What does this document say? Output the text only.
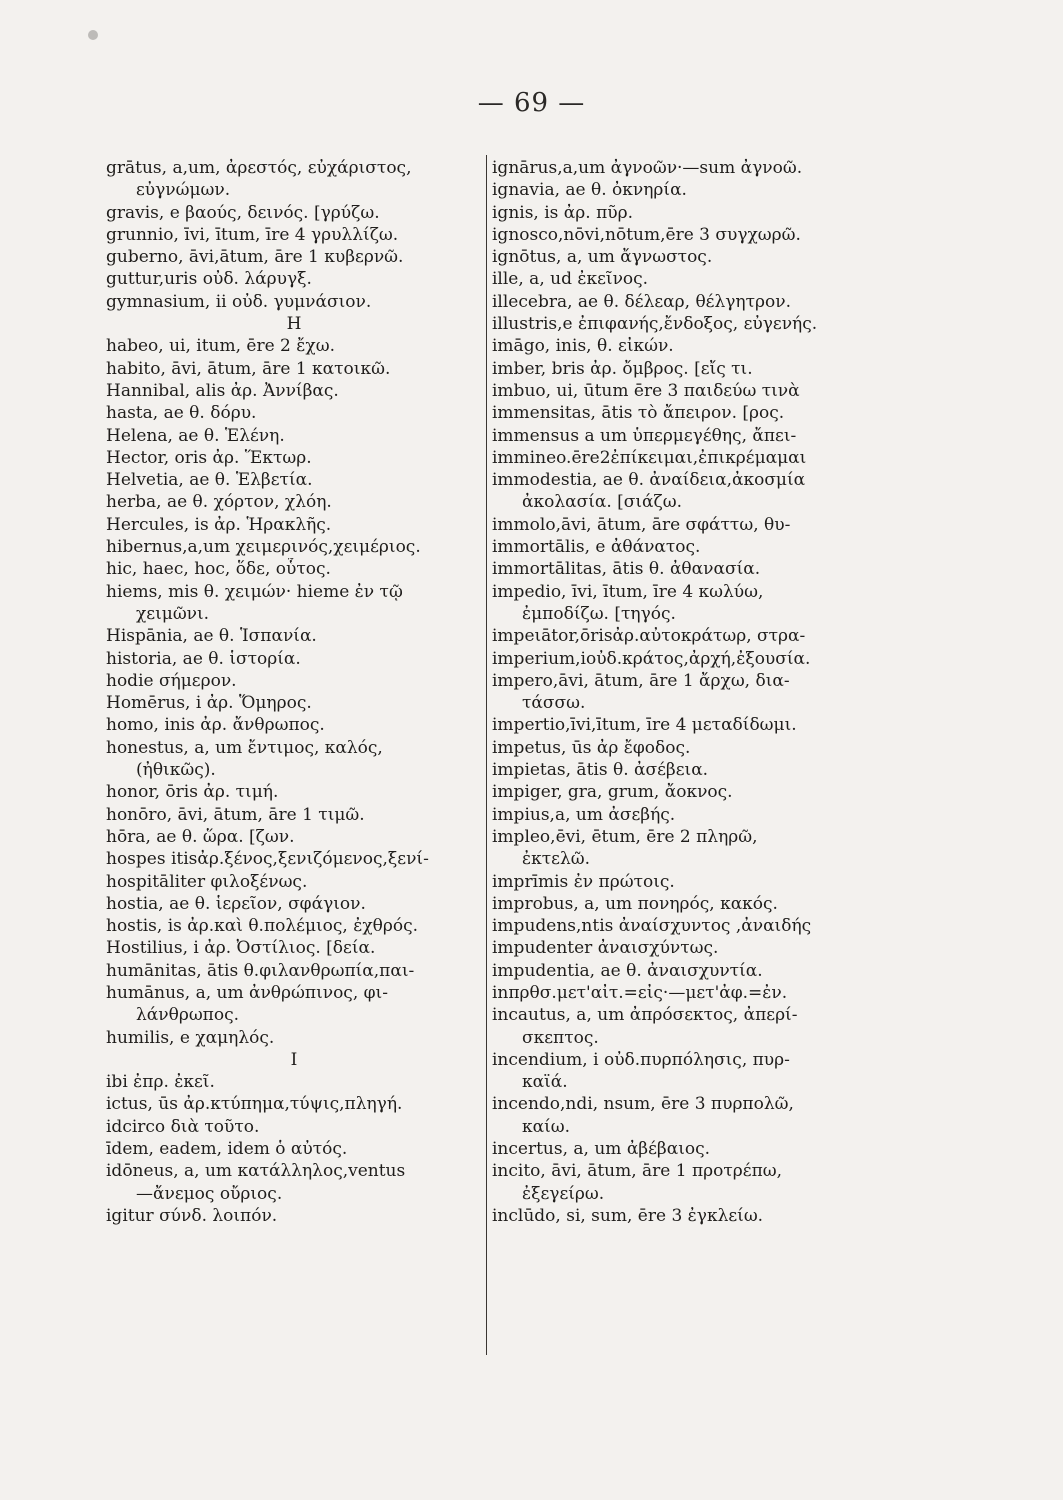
— 69 —
grātus, a,um, ἀρεστός, εὐχάριστος,
εὐγνώμων.
gravis, e βαούς, δεινός. [γρύζω.
grunnio, īvi, ītum, īre 4 γρυλλίζω.
guberno, āvi,ātum, āre 1 κυβερνῶ.
guttur,uris οὐδ. λάρυγξ.
gymnasium, ii οὐδ. γυμνάσιον.
H
habeo, ui, itum, ēre 2 ἔχω.
habito, āvi, ātum, āre 1 κατοικῶ.
Hannibal, alis ἀρ. Ἀννίβας.
hasta, ae θ. δόρυ.
Helena, ae θ. Ἑλένη.
Hector, oris ἀρ. Ἕκτωρ.
Helvetia, ae θ. Ἑλβετία.
herba, ae θ. χόρτον, χλόη.
Hercules, is ἀρ. Ἡρακλῆς.
hibernus,a,um χειμερινός,χειμέριος.
hic, haec, hoc, ὅδε, οὗτος.
hiems, mis θ. χειμών· hieme ἐν τῷ
χειμῶνι.
Hispānia, ae θ. Ἱσπανία.
historia, ae θ. ἱστορία.
hodie σήμερον.
Homērus, i ἀρ. Ὅμηρος.
homo, inis ἀρ. ἄνθρωπος.
honestus, a, um ἔντιμος, καλός,
(ἠθικῶς).
honor, ōris ἀρ. τιμή.
honōro, āvi, ātum, āre 1 τιμῶ.
hōra, ae θ. ὥρα. [ζων.
hospes itisἀρ.ξένος,ξενιζόμενος,ξενί-
hospitāliter φιλοξένως.
hostia, ae θ. ἱερεῖον, σφάγιον.
hostis, is ἀρ.καὶ θ.πολέμιος, ἐχθρός.
Hostilius, i ἀρ. Ὀστίλιος. [δεία.
humānitas, ātis θ.φιλανθρωπία,παι-
humānus, a, um ἀνθρώπινος, φι-
λάνθρωπος.
humilis, e χαμηλός.
I
ibi ἐπρ. ἐκεῖ.
ictus, ūs ἀρ.κτύπημα,τύψις,πληγή.
idcirco διὰ τοῦτο.
īdem, eadem, idem ὁ αὐτός.
idōneus, a, um κατάλληλος,ventus
—ἄνεμος οὔριος.
igitur σύνδ. λοιπόν.
ignārus,a,um ἀγνοῶν·—sum ἀγνοῶ.
ignavia, ae θ. ὀκνηρία.
ignis, is ἀρ. πῦρ.
ignosco,nōvi,nōtum,ēre 3 συγχωρῶ.
ignōtus, a, um ἄγνωστος.
ille, a, ud ἐκεῖνος.
illecebra, ae θ. δέλεαρ, θέλγητρον.
illustris,e ἐπιφανής,ἔνδοξος, εὐγενής.
imāgo, inis, θ. εἰκών.
imber, bris ἀρ. ὄμβρος. [εἴς τι.
imbuo, ui, ūtum ēre 3 παιδεύω τινὰ
immensitas, ātis τὸ ἄπειρον. [ρος.
immensus a um ὑπερμεγέθης, ἄπει-
immineo.ēre2ἐπίκειμαι,ἐπικρέμαμαι
immodestia, ae θ. ἀναίδεια,ἀκοσμία
ἀκολασία. [σιάζω.
immolo,āvi, ātum, āre σφάττω, θυ-
immortālis, e ἀθάνατος.
immortālitas, ātis θ. ἀθανασία.
impedio, īvi, ītum, īre 4 κωλύω,
ἐμποδίζω. [τηγός.
impeιātor,ōrisἀρ.αὐτοκράτωρ, στρα-
imperium,iοὐδ.κράτος,ἀρχή,ἐξουσία.
impero,āvi, ātum, āre 1 ἄρχω, δια-
τάσσω.
impertio,īvi,ītum, īre 4 μεταδίδωμι.
impetus, ūs ἀρ ἔφοδος.
impietas, ātis θ. ἀσέβεια.
impiger, gra, grum, ἄοκνος.
impius,a, um ἀσεβής.
impleo,ēvi, ētum, ēre 2 πληρῶ,
ἐκτελῶ.
imprīmis ἐν πρώτοις.
improbus, a, um πονηρός, κακός.
impudens,ntis ἀναίσχυντος ,ἀναιδής
impudenter ἀναισχύντως.
impudentia, ae θ. ἀναισχυντία.
inπρθσ.μετ'αἰτ.=εἰς·—μετ'ἀφ.=ἐν.
incautus, a, um ἀπρόσεκτος, ἀπερί-
σκεπτος.
incendium, i οὐδ.πυρπόλησις, πυρ-
καϊά.
incendo,ndi, nsum, ēre 3 πυρπολῶ,
καίω.
incertus, a, um ἀβέβαιος.
incito, āvi, ātum, āre 1 προτρέπω,
ἐξεγείρω.
inclūdo, si, sum, ēre 3 ἐγκλείω.
